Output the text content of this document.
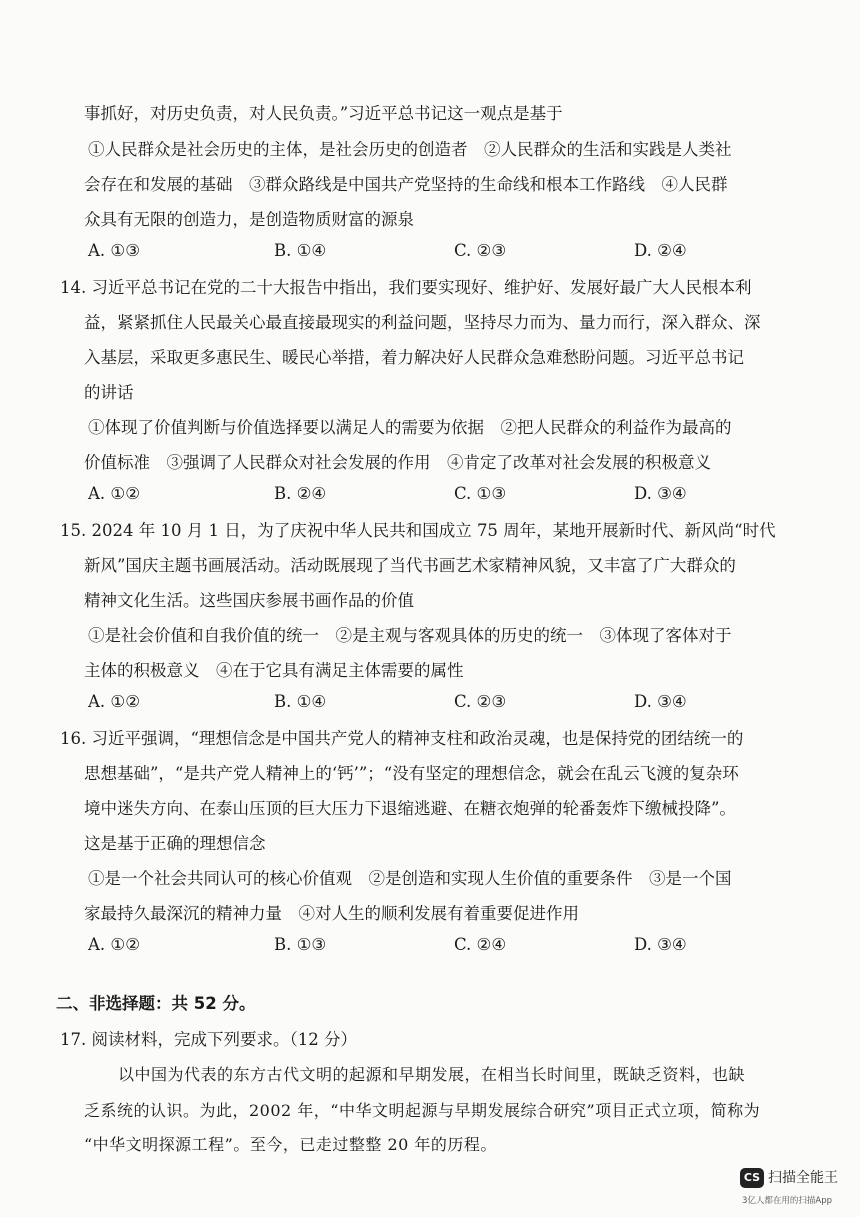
事抓好，对历史负责，对人民负责。”习近平总书记这一观点是基于
①人民群众是社会历史的主体，是社会历史的创造者　②人民群众的生活和实践是人类社
会存在和发展的基础　③群众路线是中国共产党坚持的生命线和根本工作路线　④人民群
众具有无限的创造力，是创造物质财富的源泉
A. ①③	B. ①④	C. ②③	D. ②④
14. 习近平总书记在党的二十大报告中指出，我们要实现好、维护好、发展好最广大人民根本利
益，紧紧抓住人民最关心最直接最现实的利益问题，坚持尽力而为、量力而行，深入群众、深
入基层，采取更多惠民生、暖民心举措，着力解决好人民群众急难愁盼问题。习近平总书记
的讲话
①体现了价值判断与价值选择要以满足人的需要为依据　②把人民群众的利益作为最高的
价值标准　③强调了人民群众对社会发展的作用　④肯定了改革对社会发展的积极意义
A. ①②	B. ②④	C. ①③	D. ③④
15. 2024 年 10 月 1 日，为了庆祝中华人民共和国成立 75 周年，某地开展新时代、新风尚“时代
新风”国庆主题书画展活动。活动既展现了当代书画艺术家精神风貌，又丰富了广大群众的
精神文化生活。这些国庆参展书画作品的价值
①是社会价值和自我价值的统一　②是主观与客观具体的历史的统一　③体现了客体对于
主体的积极意义　④在于它具有满足主体需要的属性
A. ①②	B. ①④	C. ②③	D. ③④
16. 习近平强调，“理想信念是中国共产党人的精神支柱和政治灵魂，也是保持党的团结统一的
思想基础”，“是共产党人精神上的‘钙’”；“没有坚定的理想信念，就会在乱云飞渡的复杂环
境中迷失方向、在泰山压顶的巨大压力下退缩逃避、在糖衣炮弹的轮番轰炸下缴械投降”。
这是基于正确的理想信念
①是一个社会共同认可的核心价值观　②是创造和实现人生价值的重要条件　③是一个国
家最持久最深沉的精神力量　④对人生的顺利发展有着重要促进作用
A. ①②	B. ①③	C. ②④	D. ③④
二、非选择题：共 52 分。
17. 阅读材料，完成下列要求。（12 分）
以中国为代表的东方古代文明的起源和早期发展，在相当长时间里，既缺乏资料，也缺
乏系统的认识。为此，2002 年，“中华文明起源与早期发展综合研究”项目正式立项，简称为
“中华文明探源工程”。至今，已走过整整 20 年的历程。
CS 扫描全能王
3亿人都在用的扫描App
